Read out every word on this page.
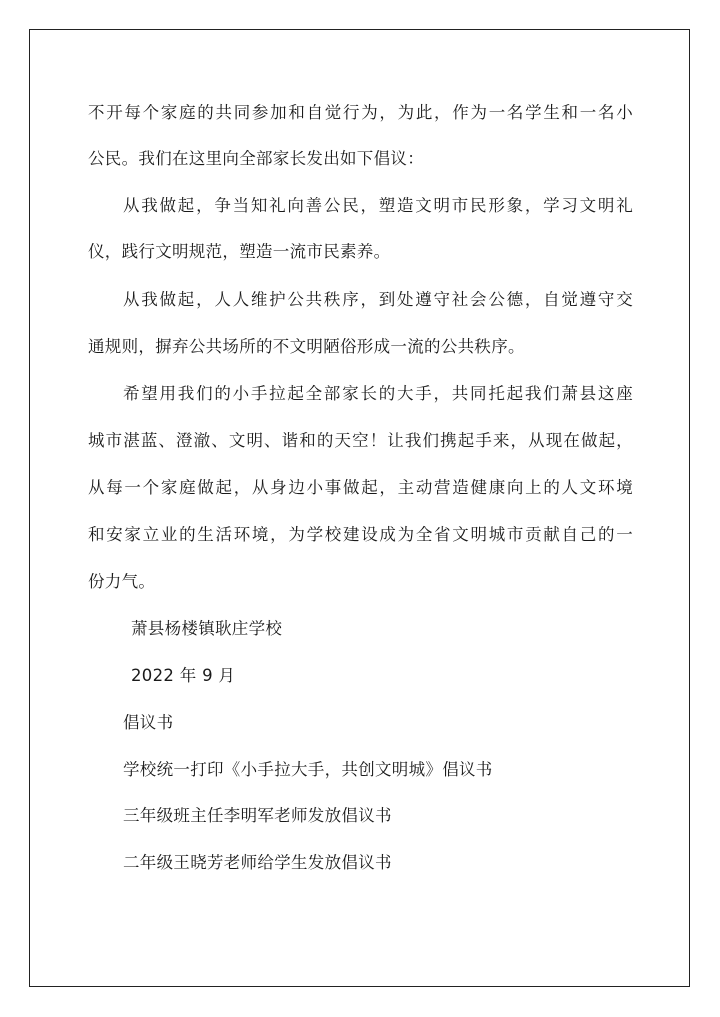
不开每个家庭的共同参加和自觉行为，为此，作为一名学生和一名小
公民。我们在这里向全部家长发出如下倡议：
从我做起，争当知礼向善公民，塑造文明市民形象，学习文明礼
仪，践行文明规范，塑造一流市民素养。
从我做起，人人维护公共秩序，到处遵守社会公德，自觉遵守交
通规则，摒弃公共场所的不文明陋俗形成一流的公共秩序。
希望用我们的小手拉起全部家长的大手，共同托起我们萧县这座
城市湛蓝、澄澈、文明、谐和的天空！让我们携起手来，从现在做起，
从每一个家庭做起，从身边小事做起，主动营造健康向上的人文环境
和安家立业的生活环境，为学校建设成为全省文明城市贡献自己的一
份力气。
萧县杨楼镇耿庄学校
2022 年 9 月
倡议书
学校统一打印《小手拉大手，共创文明城》倡议书
三年级班主任李明军老师发放倡议书
二年级王晓芳老师给学生发放倡议书
